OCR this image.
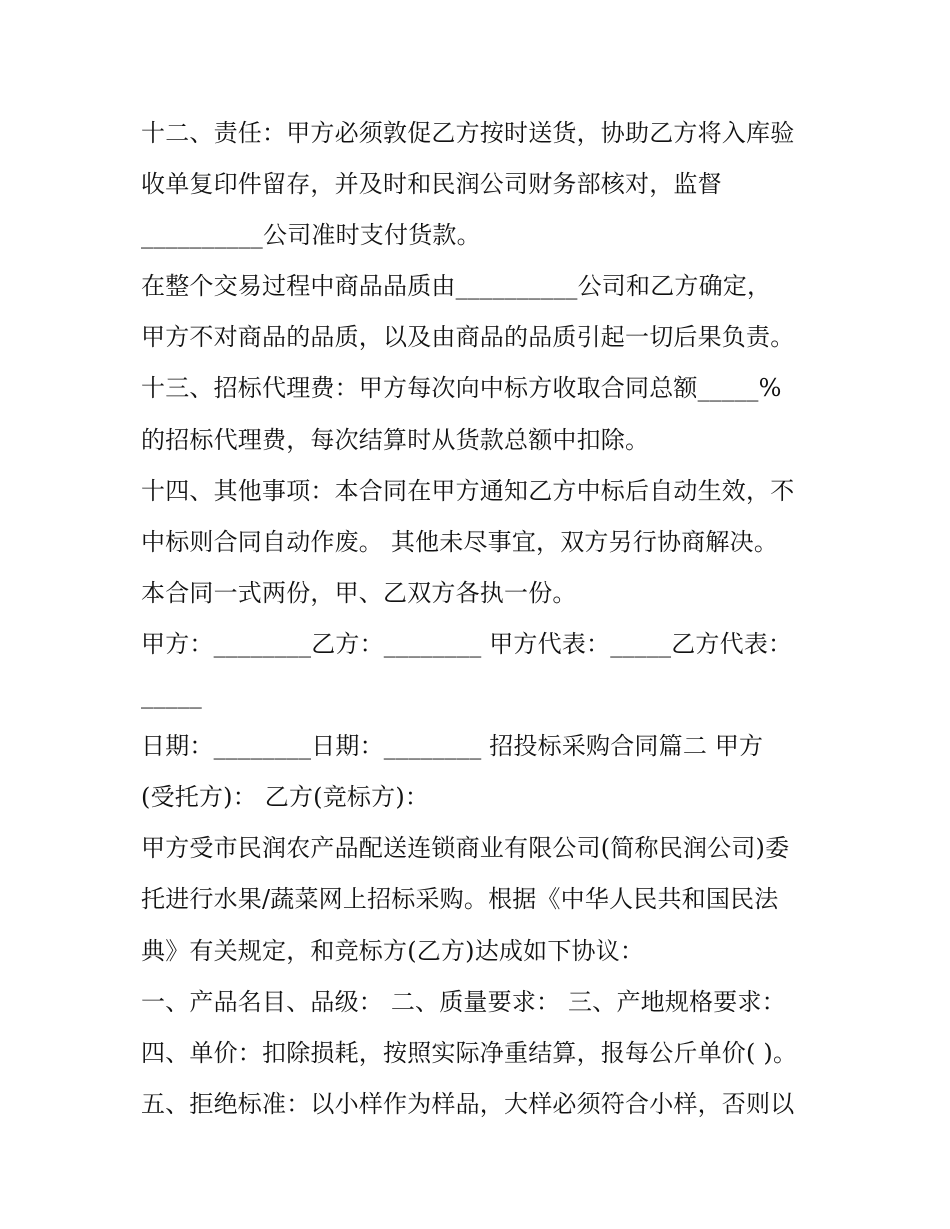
十二、责任：甲方必须敦促乙方按时送货，协助乙方将入库验
收单复印件留存，并及时和民润公司财务部核对，监督
__________公司准时支付货款。
在整个交易过程中商品品质由__________公司和乙方确定，
甲方不对商品的品质，以及由商品的品质引起一切后果负责。
十三、招标代理费：甲方每次向中标方收取合同总额_____%
的招标代理费，每次结算时从货款总额中扣除。
十四、其他事项：本合同在甲方通知乙方中标后自动生效，不
中标则合同自动作废。 其他未尽事宜，双方另行协商解决。
本合同一式两份，甲、乙双方各执一份。
甲方：________乙方：________ 甲方代表：_____乙方代表：
_____
日期：________日期：________ 招投标采购合同篇二 甲方
(受托方)： 乙方(竞标方)：
甲方受市民润农产品配送连锁商业有限公司(简称民润公司)委
托进行水果/蔬菜网上招标采购。根据《中华人民共和国民法
典》有关规定，和竞标方(乙方)达成如下协议：
一、产品名目、品级： 二、质量要求： 三、产地规格要求：
四、单价：扣除损耗，按照实际净重结算，报每公斤单价( )。
五、拒绝标准：以小样作为样品，大样必须符合小样，否则以
